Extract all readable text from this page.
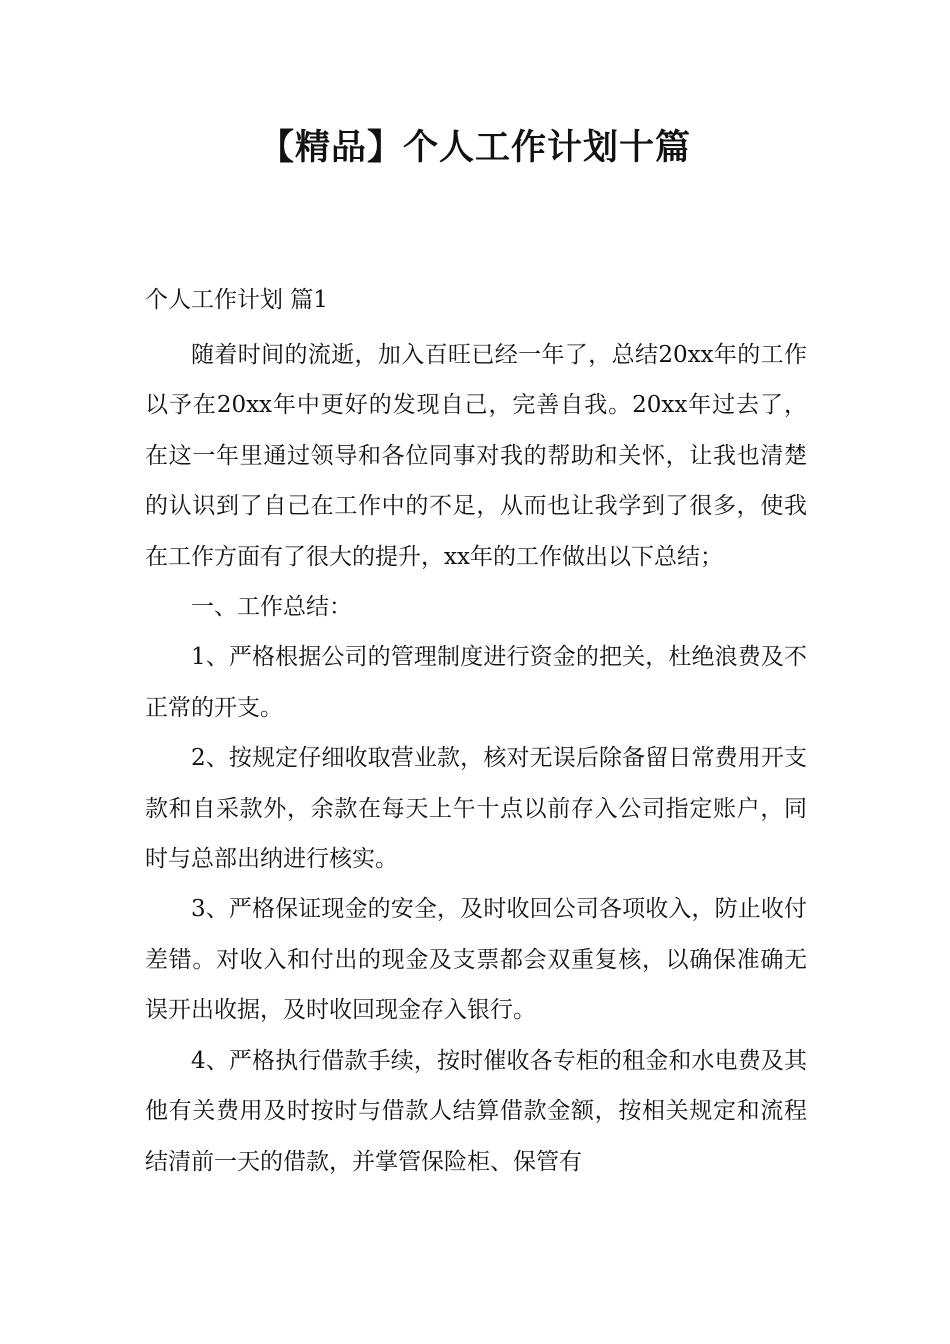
【精品】个人工作计划十篇
个人工作计划 篇1

随着时间的流逝，加入百旺已经一年了，总结20xx年的工作以予在20xx年中更好的发现自己，完善自我。20xx年过去了，在这一年里通过领导和各位同事对我的帮助和关怀，让我也清楚的认识到了自己在工作中的不足，从而也让我学到了很多，使我在工作方面有了很大的提升，xx年的工作做出以下总结；

一、工作总结：

1、严格根据公司的管理制度进行资金的把关，杜绝浪费及不正常的开支。

2、按规定仔细收取营业款，核对无误后除备留日常费用开支款和自采款外，余款在每天上午十点以前存入公司指定账户，同时与总部出纳进行核实。

3、严格保证现金的安全，及时收回公司各项收入，防止收付差错。对收入和付出的现金及支票都会双重复核，以确保准确无误开出收据，及时收回现金存入银行。

4、严格执行借款手续，按时催收各专柜的租金和水电费及其他有关费用及时按时与借款人结算借款金额，按相关规定和流程结清前一天的借款，并掌管保险柜、保管有
